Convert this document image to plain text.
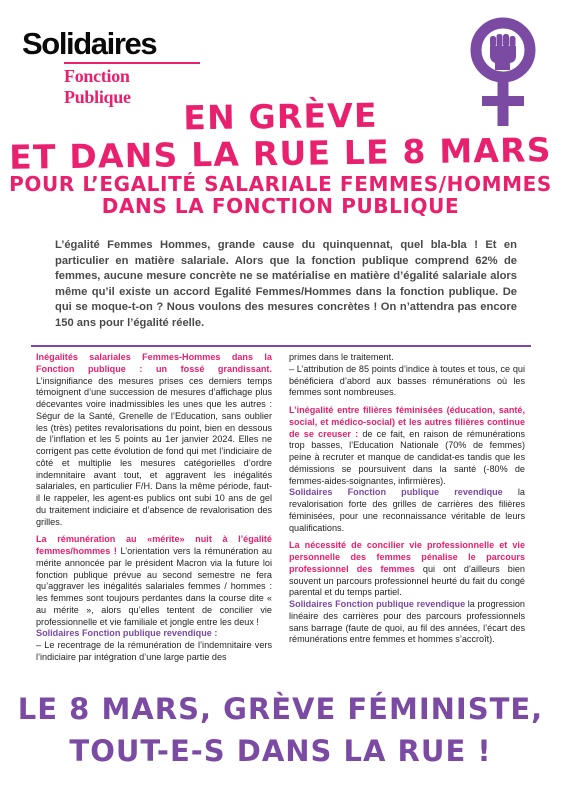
Solidaires
Fonction Publique	EN GRÈVE
ET DANS LA RUE LE 8 MARS
POUR L’EGALITÉ SALARIALE FEMMES/HOMMES
DANS LA FONCTION PUBLIQUE

L’égalité Femmes Hommes, grande cause du quinquennat, quel bla-bla ! Et en particulier en matière salariale. Alors que la fonction publique comprend 62% de femmes, aucune mesure concrète ne se matérialise en matière d’égalité salariale alors même qu’il existe un accord Egalité Femmes/Hommes dans la fonction publique. De qui se moque-t-on ? Nous voulons des mesures concrètes ! On n’attendra pas encore 150 ans pour l’égalité réelle.

Inégalités salariales Femmes-Hommes dans la Fonction publique : un fossé grandissant. L’insignifiance des mesures prises ces derniers temps témoignent d’une succession de mesures d’affichage plus décevantes voire inadmissibles les unes que les autres : Ségur de la Santé, Grenelle de l’Education, sans oublier les (très) petites revalorisations du point, bien en dessous de l’inflation et les 5 points au 1er janvier 2024. Elles ne corrigent pas cette évolution de fond qui met l’indiciaire de côté et multiplie les mesures catégorielles d’ordre indemnitaire avant tout, et aggravent les inégalités salariales, en particulier F/H. Dans la même période, faut-il le rappeler, les agent-es publics ont subi 10 ans de gel du traitement indiciaire et d’absence de revalorisation des grilles.

La rémunération au «mérite» nuit à l’égalité femmes/hommes ! L’orientation vers la rémunération au mérite annoncée par le président Macron via la future loi fonction publique prévue au second semestre ne fera qu’aggraver les inégalités salariales femmes / hommes : les femmes sont toujours perdantes dans la course dite « au mérite », alors qu’elles tentent de concilier vie professionnelle et vie familiale et jongle entre les deux !
Solidaires Fonction publique revendique :
– Le recentrage de la rémunération de l’indemnitaire vers l’indiciaire par intégration d’une large partie des

primes dans le traitement.
– L’attribution de 85 points d’indice à toutes et tous, ce qui bénéficiera d’abord aux basses rémunérations où les femmes sont nombreuses.

L’inégalité entre filières féminisées (éducation, santé, social, et médico-social) et les autres filières continue de se creuser : de ce fait, en raison de rémunérations trop basses, l’Education Nationale (70% de femmes) peine à recruter et manque de candidat-es tandis que les démissions se poursuivent dans la santé (-80% de femmes-aides-soignantes, infirmières).
Solidaires Fonction publique revendique la revalorisation forte des grilles de carrières des filières féminisées, pour une reconnaissance véritable de leurs qualifications.

La nécessité de concilier vie professionnelle et vie personnelle des femmes pénalise le parcours professionnel des femmes qui ont d’ailleurs bien souvent un parcours professionnel heurté du fait du congé parental et du temps partiel.
Solidaires Fonction publique revendique la progression linéaire des carrières pour des parcours professionnels sans barrage (faute de quoi, au fil des années, l’écart des rémunérations entre femmes et hommes s’accroît).

LE 8 MARS, GRÈVE FÉMINISTE,
TOUT-E-S DANS LA RUE !
